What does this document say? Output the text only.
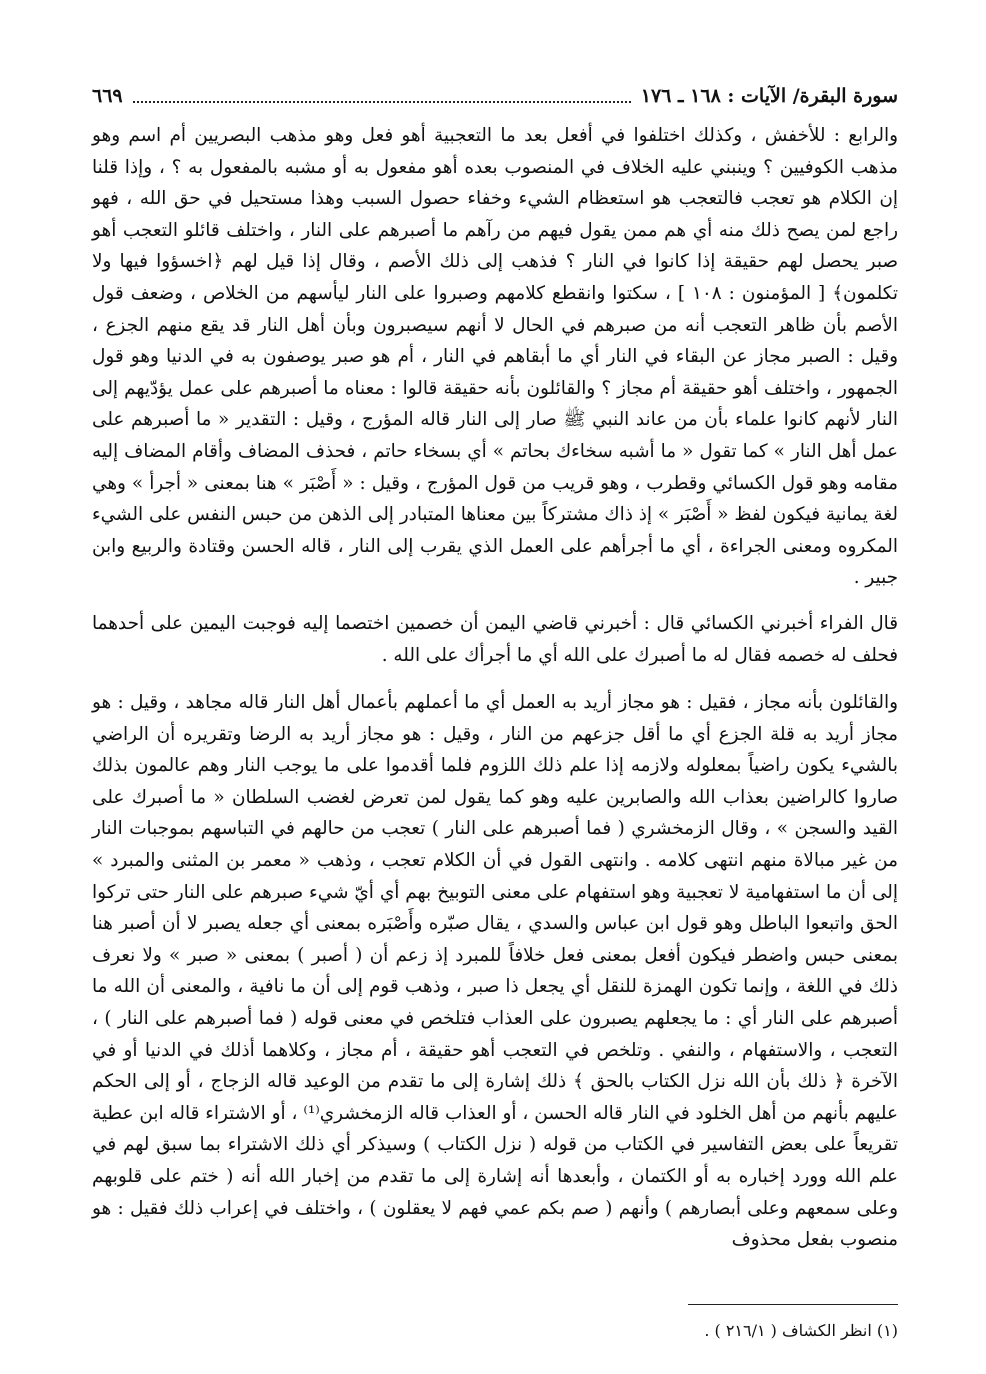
سورة البقرة/ الآيات : ١٦٨ ـ ١٧٦
٦٦٩

والرابع : للأخفش ، وكذلك اختلفوا في أفعل بعد ما التعجبية أهو فعل وهو مذهب البصريين أم اسم وهو مذهب الكوفيين ؟ وينبني عليه الخلاف في المنصوب بعده أهو مفعول به أو مشبه بالمفعول به ؟ ، وإذا قلنا إن الكلام هو تعجب فالتعجب هو استعظام الشيء وخفاء حصول السبب وهذا مستحيل في حق الله ، فهو راجع لمن يصح ذلك منه أي هم ممن يقول فيهم من رآهم ما أصبرهم على النار ، واختلف قائلو التعجب أهو صبر يحصل لهم حقيقة إذا كانوا في النار ؟ فذهب إلى ذلك الأصم ، وقال إذا قيل لهم ﴿اخسؤوا فيها ولا تكلمون﴾ [ المؤمنون : ١٠٨ ] ، سكتوا وانقطع كلامهم وصبروا على النار ليأسهم من الخلاص ، وضعف قول الأصم بأن ظاهر التعجب أنه من صبرهم في الحال لا أنهم سيصبرون وبأن أهل النار قد يقع منهم الجزع ، وقيل : الصبر مجاز عن البقاء في النار أي ما أبقاهم في النار ، أم هو صبر يوصفون به في الدنيا وهو قول الجمهور ، واختلف أهو حقيقة أم مجاز ؟ والقائلون بأنه حقيقة قالوا : معناه ما أصبرهم على عمل يؤدّيهم إلى النار لأنهم كانوا علماء بأن من عاند النبي ﷺ صار إلى النار قاله المؤرج ، وقيل : التقدير « ما أصبرهم على عمل أهل النار » كما تقول « ما أشبه سخاءك بحاتم » أي بسخاء حاتم ، فحذف المضاف وأقام المضاف إليه مقامه وهو قول الكسائي وقطرب ، وهو قريب من قول المؤرج ، وقيل : « أَصْبَر » هنا بمعنى « أجرأ » وهي لغة يمانية فيكون لفظ « أَصْبَر » إذ ذاك مشتركاً بين معناها المتبادر إلى الذهن من حبس النفس على الشيء المكروه ومعنى الجراءة ، أي ما أجرأهم على العمل الذي يقرب إلى النار ، قاله الحسن وقتادة والربيع وابن جبير .

قال الفراء أخبرني الكسائي قال : أخبرني قاضي اليمن أن خصمين اختصما إليه فوجبت اليمين على أحدهما فحلف له خصمه فقال له ما أصبرك على الله أي ما أجرأك على الله .

والقائلون بأنه مجاز ، فقيل : هو مجاز أريد به العمل أي ما أعملهم بأعمال أهل النار قاله مجاهد ، وقيل : هو مجاز أريد به قلة الجزع أي ما أقل جزعهم من النار ، وقيل : هو مجاز أريد به الرضا وتقريره أن الراضي بالشيء يكون راضياً بمعلوله ولازمه إذا علم ذلك اللزوم فلما أقدموا على ما يوجب النار وهم عالمون بذلك صاروا كالراضين بعذاب الله والصابرين عليه وهو كما يقول لمن تعرض لغضب السلطان « ما أصبرك على القيد والسجن » ، وقال الزمخشري ( فما أصبرهم على النار ) تعجب من حالهم في التباسهم بموجبات النار من غير مبالاة منهم انتهى كلامه . وانتهى القول في أن الكلام تعجب ، وذهب « معمر بن المثنى والمبرد » إلى أن ما استفهامية لا تعجبية وهو استفهام على معنى التوبيخ بهم أي أيّ شيء صبرهم على النار حتى تركوا الحق واتبعوا الباطل وهو قول ابن عباس والسدي ، يقال صبّره وأَصْبَره بمعنى أي جعله يصبر لا أن أصبر هنا بمعنى حبس واضطر فيكون أفعل بمعنى فعل خلافاً للمبرد إذ زعم أن ( أصبر ) بمعنى « صبر » ولا نعرف ذلك في اللغة ، وإنما تكون الهمزة للنقل أي يجعل ذا صبر ، وذهب قوم إلى أن ما نافية ، والمعنى أن الله ما أصبرهم على النار أي : ما يجعلهم يصبرون على العذاب فتلخص في معنى قوله ( فما أصبرهم على النار ) ، التعجب ، والاستفهام ، والنفي . وتلخص في التعجب أهو حقيقة ، أم مجاز ، وكلاهما أذلك في الدنيا أو في الآخرة ﴿ ذلك بأن الله نزل الكتاب بالحق ﴾ ذلك إشارة إلى ما تقدم من الوعيد قاله الزجاج ، أو إلى الحكم عليهم بأنهم من أهل الخلود في النار قاله الحسن ، أو العذاب قاله الزمخشري⁽¹⁾ ، أو الاشتراء قاله ابن عطية تقريعاً على بعض التفاسير في الكتاب من قوله ( نزل الكتاب ) وسيذكر أي ذلك الاشتراء بما سبق لهم في علم الله وورد إخباره به أو الكتمان ، وأبعدها أنه إشارة إلى ما تقدم من إخبار الله أنه ( ختم على قلوبهم وعلى سمعهم وعلى أبصارهم ) وأنهم ( صم بكم عمي فهم لا يعقلون ) ، واختلف في إعراب ذلك فقيل : هو منصوب بفعل محذوف

(١) انظر الكشاف ( ٢١٦/١ ) .
